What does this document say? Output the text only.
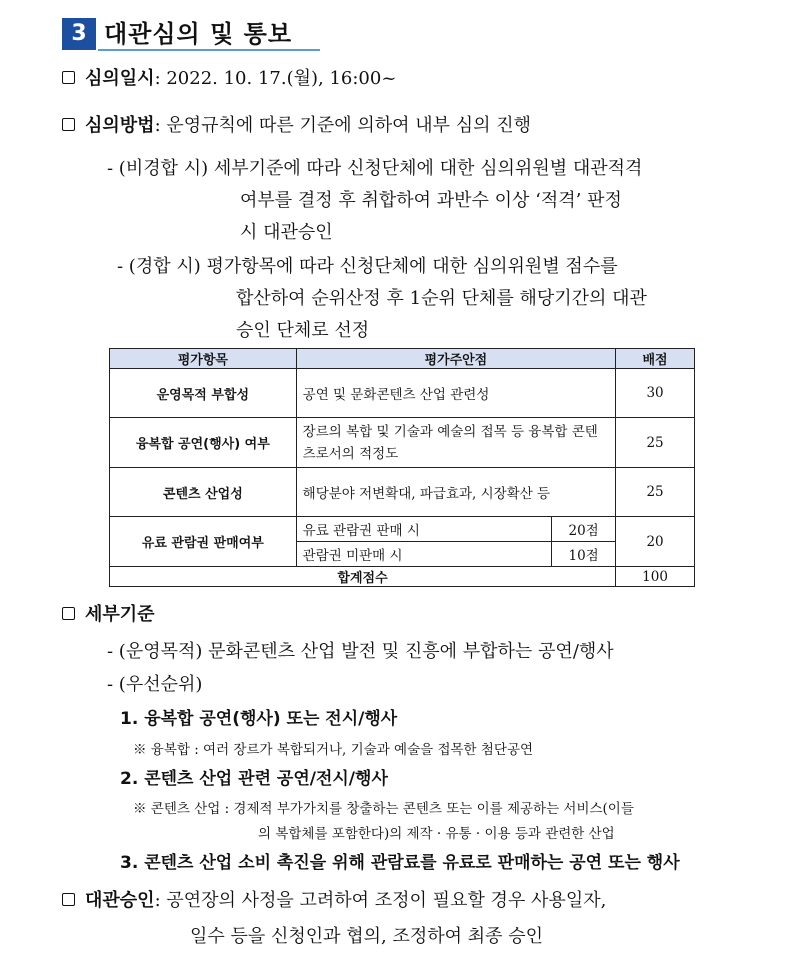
3 대관심의 및 통보
심의일시: 2022. 10. 17.(월), 16:00~
심의방법: 운영규칙에 따른 기준에 의하여 내부 심의 진행
- (비경합 시) 세부기준에 따라 신청단체에 대한 심의위원별 대관적격
여부를 결정 후 취합하여 과반수 이상 ‘적격’ 판정
시 대관승인
- (경합 시) 평가항목에 따라 신청단체에 대한 심의위원별 점수를
합산하여 순위산정 후 1순위 단체를 해당기간의 대관
승인 단체로 선정
평가항목	평가주안점		배점
운영목적 부합성	공연 및 문화콘텐츠 산업 관련성		30
융복합 공연(행사) 여부	장르의 복합 및 기술과 예술의 접목 등 융복합 콘텐츠로서의 적정도		25
콘텐츠 산업성	해당분야 저변확대, 파급효과, 시장확산 등		25
유료 관람권 판매여부	유료 관람권 판매 시	20점	20
	관람권 미판매 시	10점	
합계점수			100
세부기준
- (운영목적) 문화콘텐츠 산업 발전 및 진흥에 부합하는 공연/행사
- (우선순위)
1. 융복합 공연(행사) 또는 전시/행사
※ 융복합 : 여러 장르가 복합되거나, 기술과 예술을 접목한 첨단공연
2. 콘텐츠 산업 관련 공연/전시/행사
※ 콘텐츠 산업 : 경제적 부가가치를 창출하는 콘텐츠 또는 이를 제공하는 서비스(이들
의 복합체를 포함한다)의 제작 · 유통 · 이용 등과 관련한 산업
3. 콘텐츠 산업 소비 촉진을 위해 관람료를 유료로 판매하는 공연 또는 행사
대관승인: 공연장의 사정을 고려하여 조정이 필요할 경우 사용일자,
일수 등을 신청인과 협의, 조정하여 최종 승인
